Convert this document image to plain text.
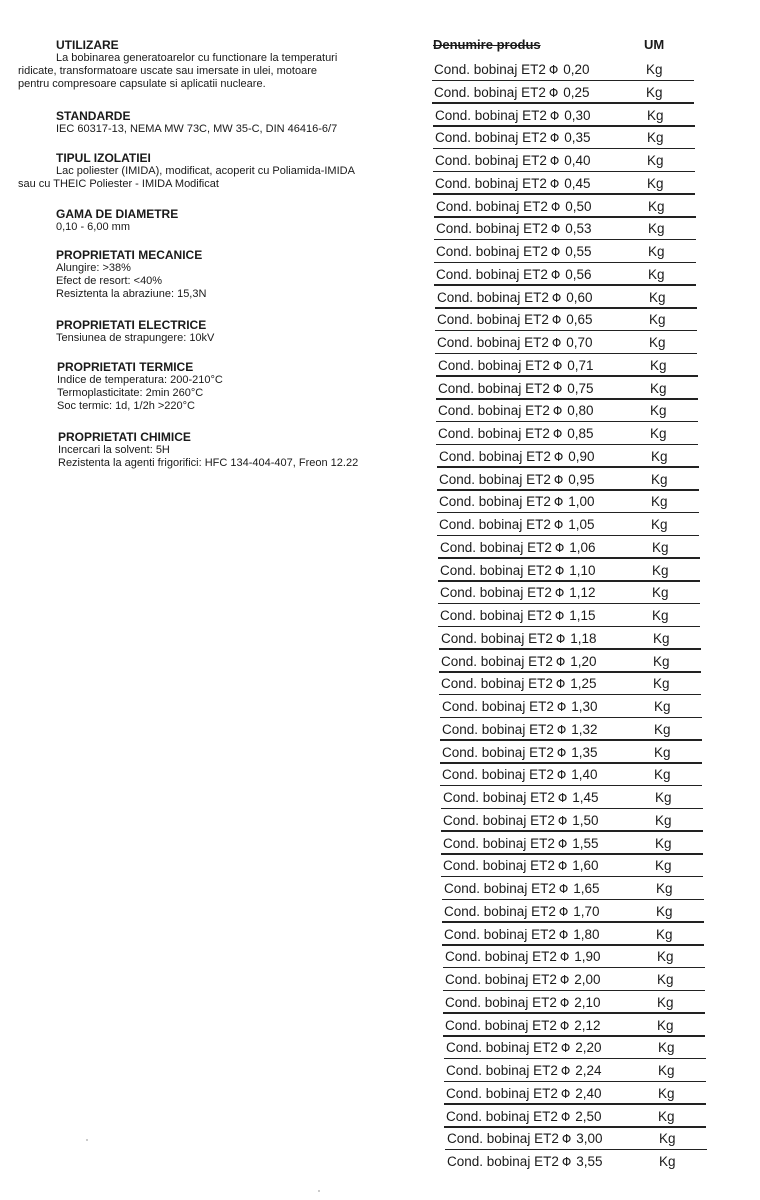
UTILIZARE

La bobinarea generatoarelor cu functionare la temperaturi

ridicate, transformatoare uscate sau imersate in ulei, motoare

pentru compresoare capsulate si aplicatii nucleare.

STANDARDE

IEC 60317-13, NEMA MW 73C, MW 35-C, DIN 46416-6/7

TIPUL IZOLATIEI

Lac poliester (IMIDA), modificat, acoperit cu Poliamida-IMIDA

sau cu THEIC Poliester - IMIDA Modificat

GAMA DE DIAMETRE

0,10 - 6,00 mm

PROPRIETATI MECANICE

Alungire: >38%

Efect de resort: <40%

Resiztenta la abraziune: 15,3N

PROPRIETATI ELECTRICE

Tensiunea de strapungere: 10kV

PROPRIETATI TERMICE

Indice de temperatura: 200-210°C

Termoplasticitate: 2min 260°C

Soc termic: 1d, 1/2h >220°C

PROPRIETATI CHIMICE

Incercari la solvent: 5H

Rezistenta la agenti frigorifici: HFC 134-404-407, Freon 12.22

Denumire produs	UM
Cond. bobinaj ET2 Φ 0,20	Kg
Cond. bobinaj ET2 Φ 0,25	Kg
Cond. bobinaj ET2 Φ 0,30	Kg
Cond. bobinaj ET2 Φ 0,35	Kg
Cond. bobinaj ET2 Φ 0,40	Kg
Cond. bobinaj ET2 Φ 0,45	Kg
Cond. bobinaj ET2 Φ 0,50	Kg
Cond. bobinaj ET2 Φ 0,53	Kg
Cond. bobinaj ET2 Φ 0,55	Kg
Cond. bobinaj ET2 Φ 0,56	Kg
Cond. bobinaj ET2 Φ 0,60	Kg
Cond. bobinaj ET2 Φ 0,65	Kg
Cond. bobinaj ET2 Φ 0,70	Kg
Cond. bobinaj ET2 Φ 0,71	Kg
Cond. bobinaj ET2 Φ 0,75	Kg
Cond. bobinaj ET2 Φ 0,80	Kg
Cond. bobinaj ET2 Φ 0,85	Kg
Cond. bobinaj ET2 Φ 0,90	Kg
Cond. bobinaj ET2 Φ 0,95	Kg
Cond. bobinaj ET2 Φ 1,00	Kg
Cond. bobinaj ET2 Φ 1,05	Kg
Cond. bobinaj ET2 Φ 1,06	Kg
Cond. bobinaj ET2 Φ 1,10	Kg
Cond. bobinaj ET2 Φ 1,12	Kg
Cond. bobinaj ET2 Φ 1,15	Kg
Cond. bobinaj ET2 Φ 1,18	Kg
Cond. bobinaj ET2 Φ 1,20	Kg
Cond. bobinaj ET2 Φ 1,25	Kg
Cond. bobinaj ET2 Φ 1,30	Kg
Cond. bobinaj ET2 Φ 1,32	Kg
Cond. bobinaj ET2 Φ 1,35	Kg
Cond. bobinaj ET2 Φ 1,40	Kg
Cond. bobinaj ET2 Φ 1,45	Kg
Cond. bobinaj ET2 Φ 1,50	Kg
Cond. bobinaj ET2 Φ 1,55	Kg
Cond. bobinaj ET2 Φ 1,60	Kg
Cond. bobinaj ET2 Φ 1,65	Kg
Cond. bobinaj ET2 Φ 1,70	Kg
Cond. bobinaj ET2 Φ 1,80	Kg
Cond. bobinaj ET2 Φ 1,90	Kg
Cond. bobinaj ET2 Φ 2,00	Kg
Cond. bobinaj ET2 Φ 2,10	Kg
Cond. bobinaj ET2 Φ 2,12	Kg
Cond. bobinaj ET2 Φ 2,20	Kg
Cond. bobinaj ET2 Φ 2,24	Kg
Cond. bobinaj ET2 Φ 2,40	Kg
Cond. bobinaj ET2 Φ 2,50	Kg
Cond. bobinaj ET2 Φ 3,00	Kg
Cond. bobinaj ET2 Φ 3,55	Kg
